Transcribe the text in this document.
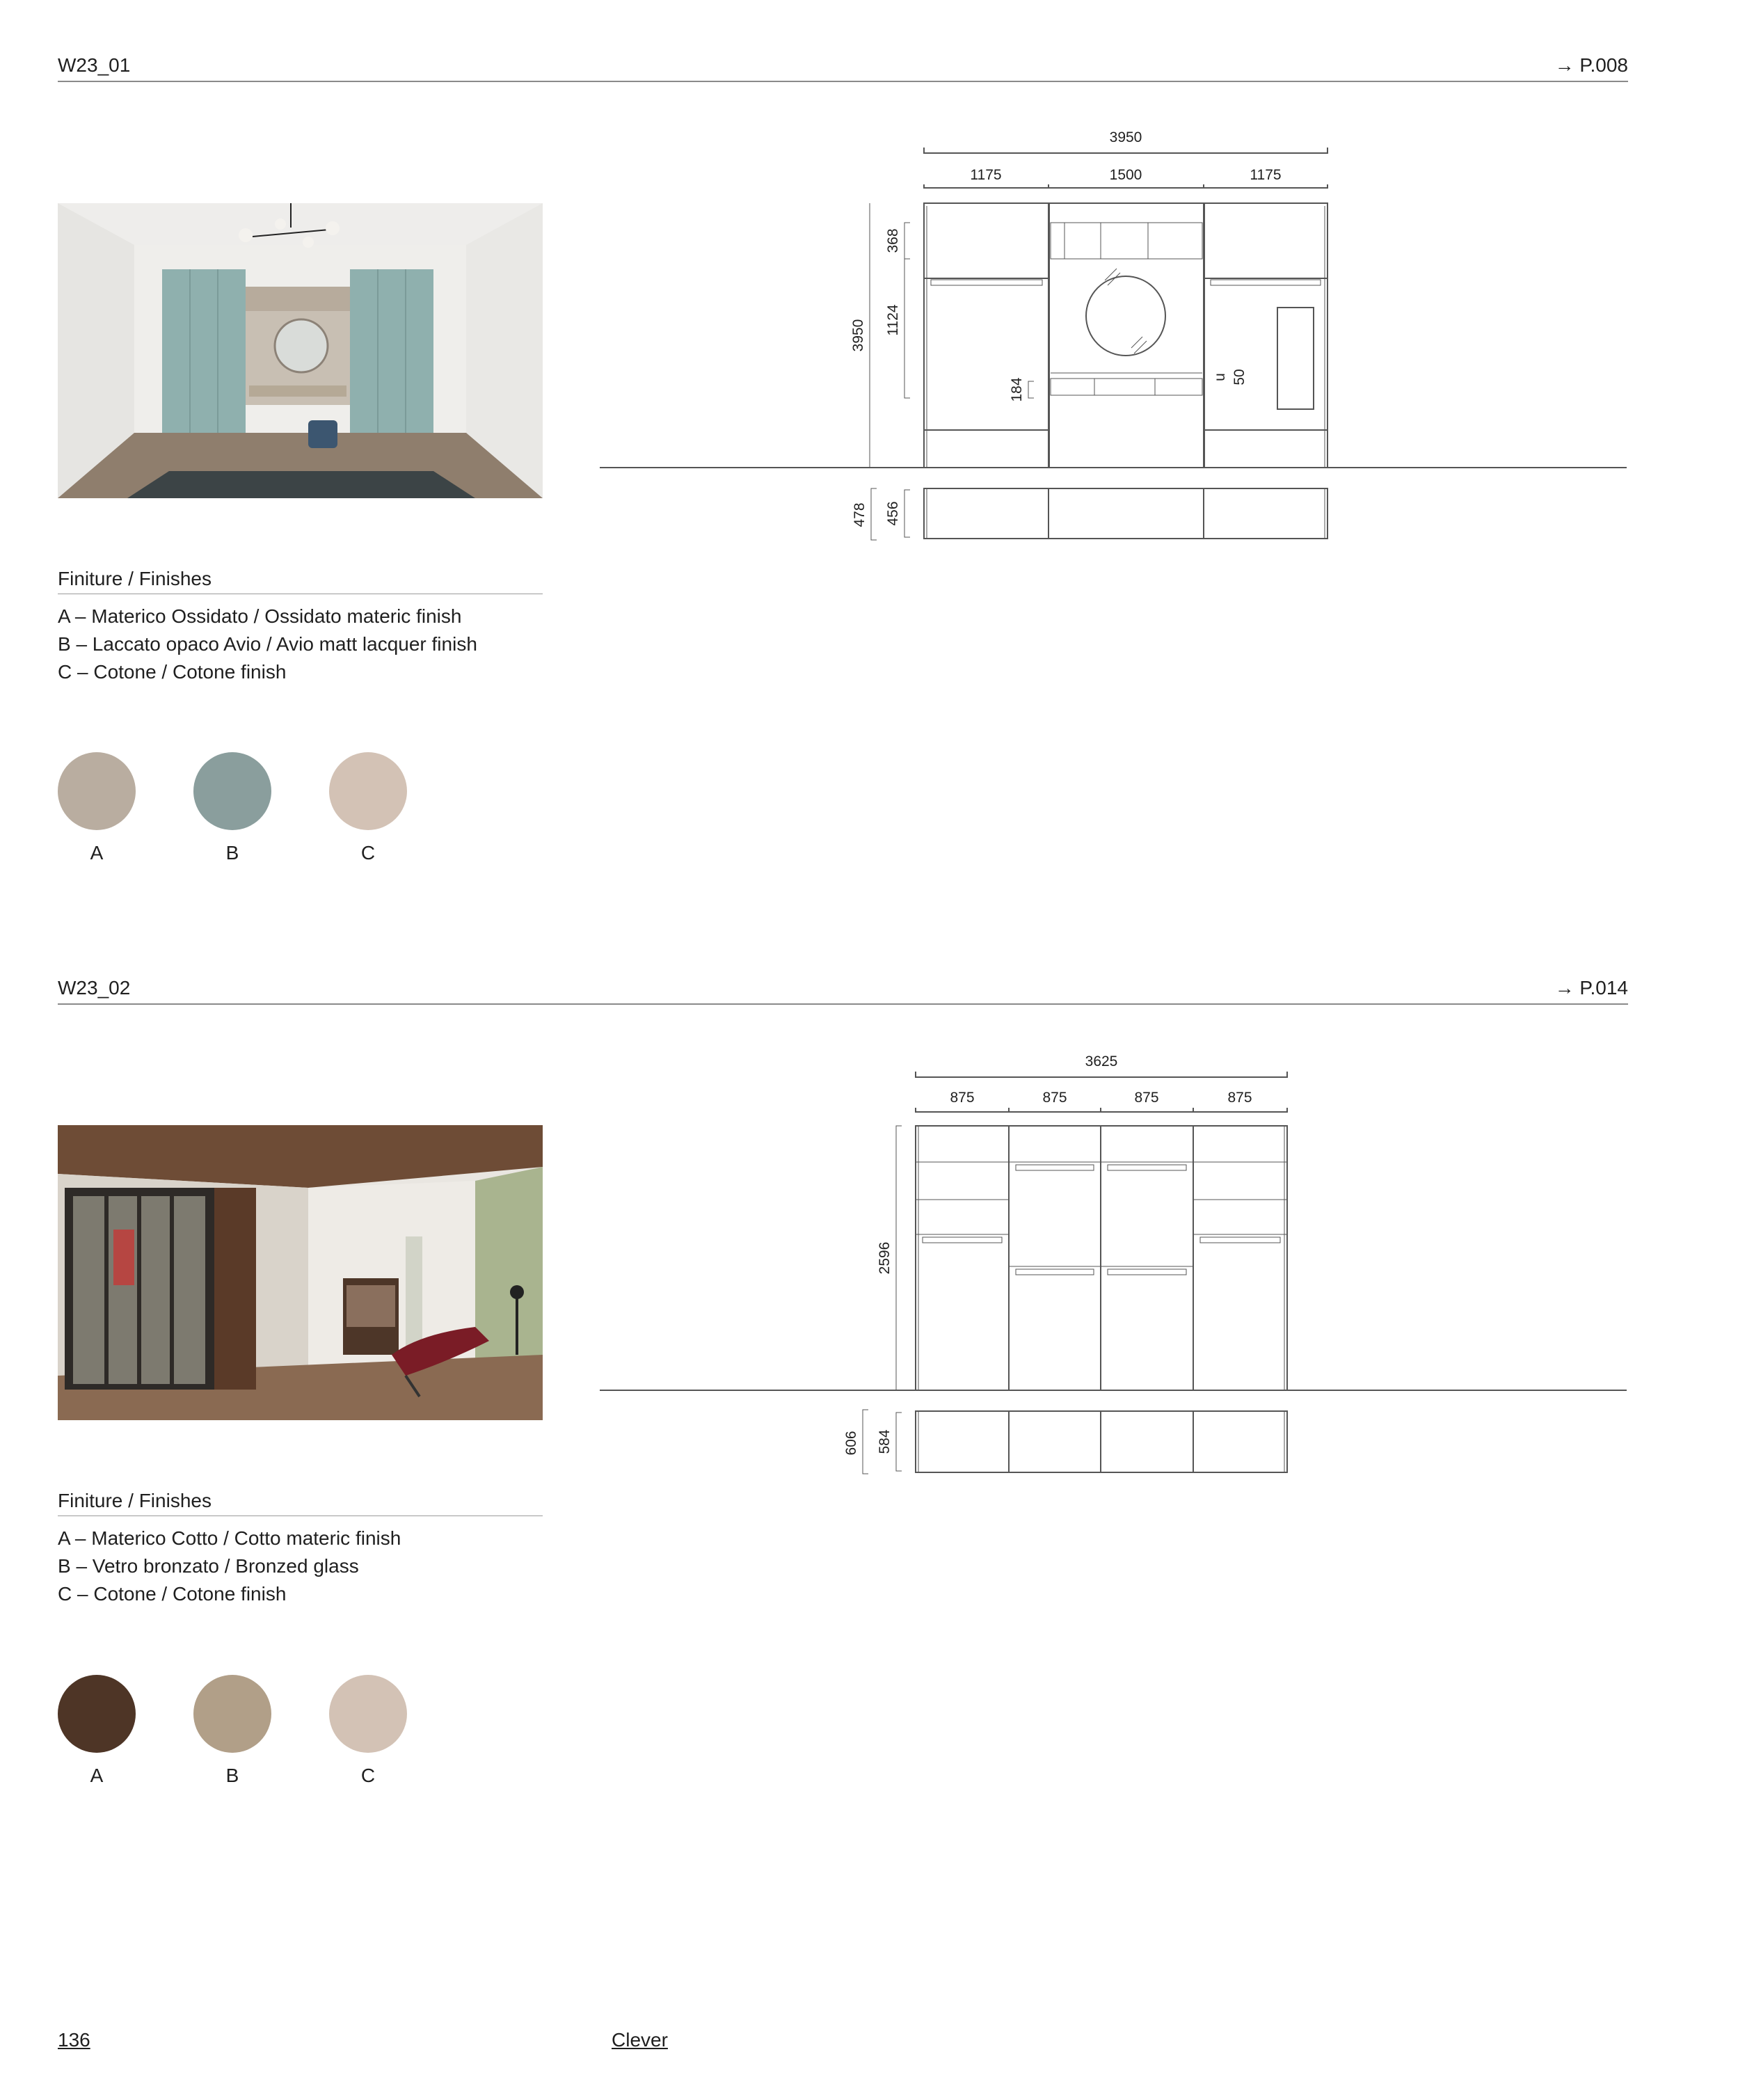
W23_01	→ P.008
Finiture / Finishes
A – Materico Ossidato / Ossidato materic finish
B – Laccato opaco Avio / Avio matt lacquer finish
C – Cotone / Cotone finish
A	B	C
3950
1175	1500	1175
3950
368
1124
184
u 50
478 456
W23_02	→ P.014
Finiture / Finishes
A – Materico Cotto / Cotto materic finish
B – Vetro bronzato / Bronzed glass
C – Cotone / Cotone finish
A	B	C
3625
875	875	875	875
2596
606 584
136	Clever
